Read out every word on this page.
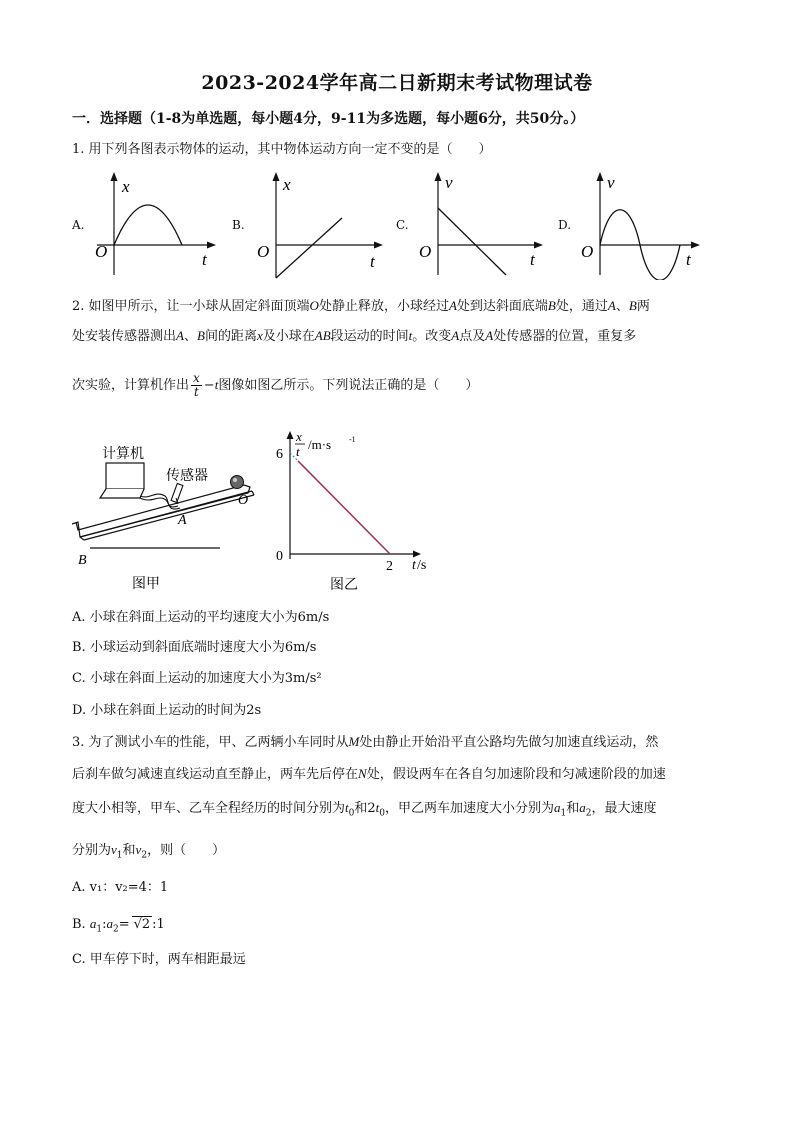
2023-2024学年高二日新期末考试物理试卷
一．选择题（1-8为单选题，每小题4分，9-11为多选题，每小题6分，共50分。）
1. 用下列各图表示物体的运动，其中物体运动方向一定不变的是（　　）
A.
x
t
O
B.
x
t
O
C.
v
t
O
D.
v
t
O
2. 如图甲所示，让一小球从固定斜面顶端O处静止释放，小球经过A处到达斜面底端B处，通过A、B两
处安装传感器测出A、B间的距离x及小球在AB段运动的时间t。改变A点及A处传感器的位置，重复多
次实验，计算机作出 $\frac{x}{t} -t$图像如图乙所示。下列说法正确的是（　　）
计算机
传感器
A
B
O
图甲
x
t /m·s -1
6
2
0
t /s
图乙
A. 小球在斜面上运动的平均速度大小为6m/s
B. 小球运动到斜面底端时速度大小为6m/s
C. 小球在斜面上运动的加速度大小为3m/s²
D. 小球在斜面上运动的时间为2s
3. 为了测试小车的性能，甲、乙两辆小车同时从M处由静止开始沿平直公路均先做匀加速直线运动，然
后刹车做匀减速直线运动直至静止，两车先后停在N处，假设两车在各自匀加速阶段和匀减速阶段的加速
度大小相等，甲车、乙车全程经历的时间分别为$t_0$和$2t_0$，甲乙两车加速度大小分别为$a_1$和$a_2$，最大速度
分别为$v_1$和$v_2$，则（　　）
A. v₁：v₂=4：1
B. $a_1:a_2= √2$ :1
C. 甲车停下时，两车相距最远
